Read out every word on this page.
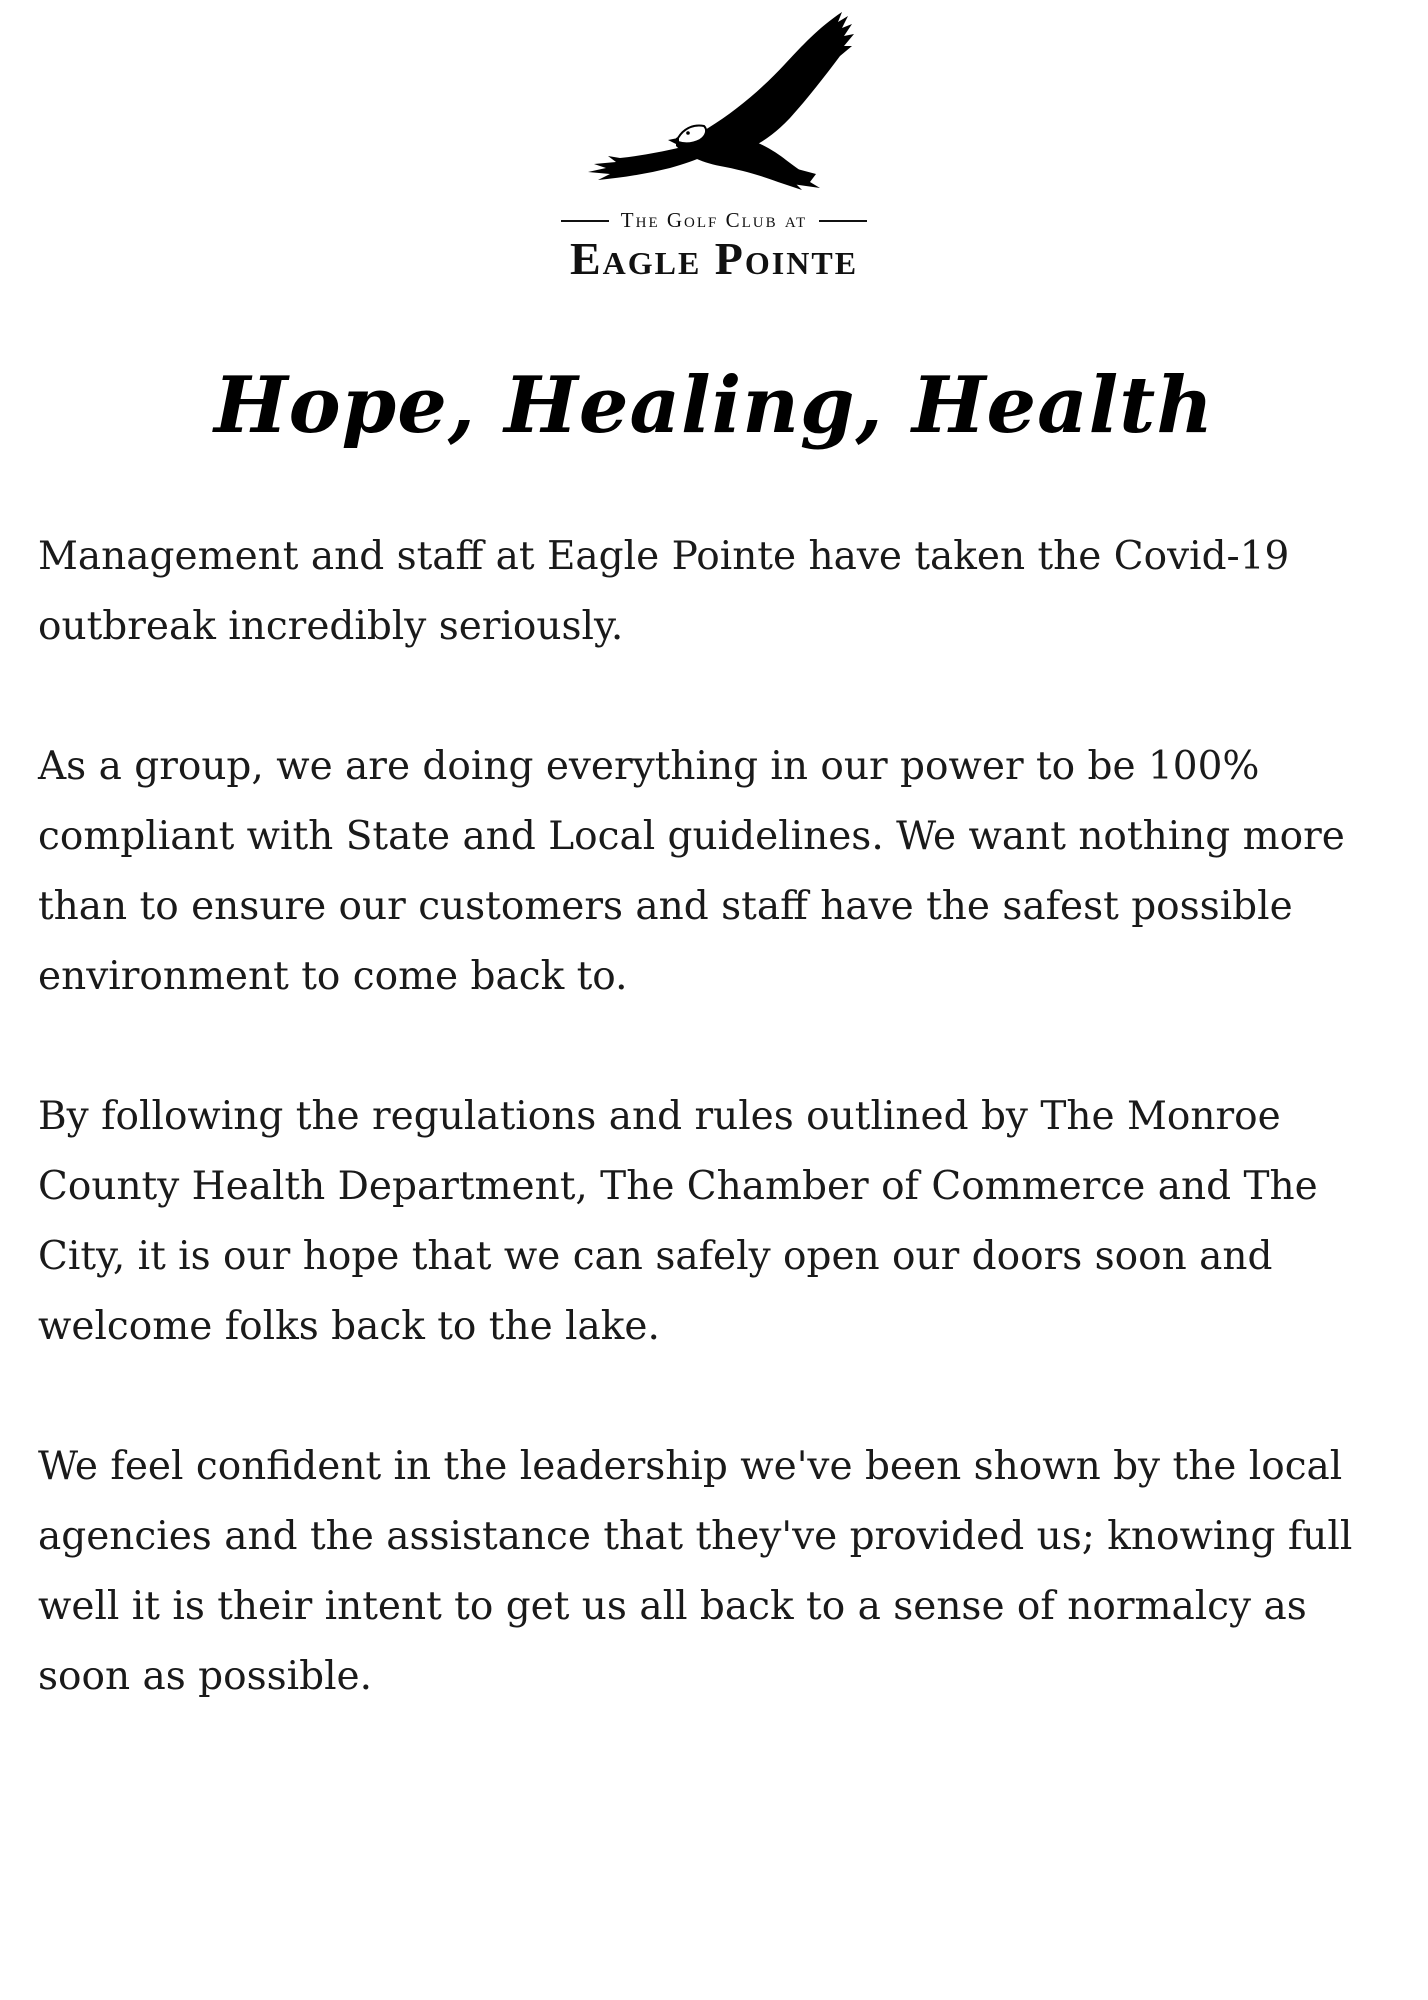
The Golf Club at
Eagle Pointe
Hope, Healing, Health

Management and staff at Eagle Pointe have taken the Covid-19 outbreak incredibly seriously.

As a group, we are doing everything in our power to be 100% compliant with State and Local guidelines. We want nothing more than to ensure our customers and staff have the safest possible environment to come back to.

By following the regulations and rules outlined by The Monroe County Health Department, The Chamber of Commerce and The City, it is our hope that we can safely open our doors soon and welcome folks back to the lake.

We feel confident in the leadership we've been shown by the local agencies and the assistance that they've provided us; knowing full well it is their intent to get us all back to a sense of normalcy as soon as possible.
